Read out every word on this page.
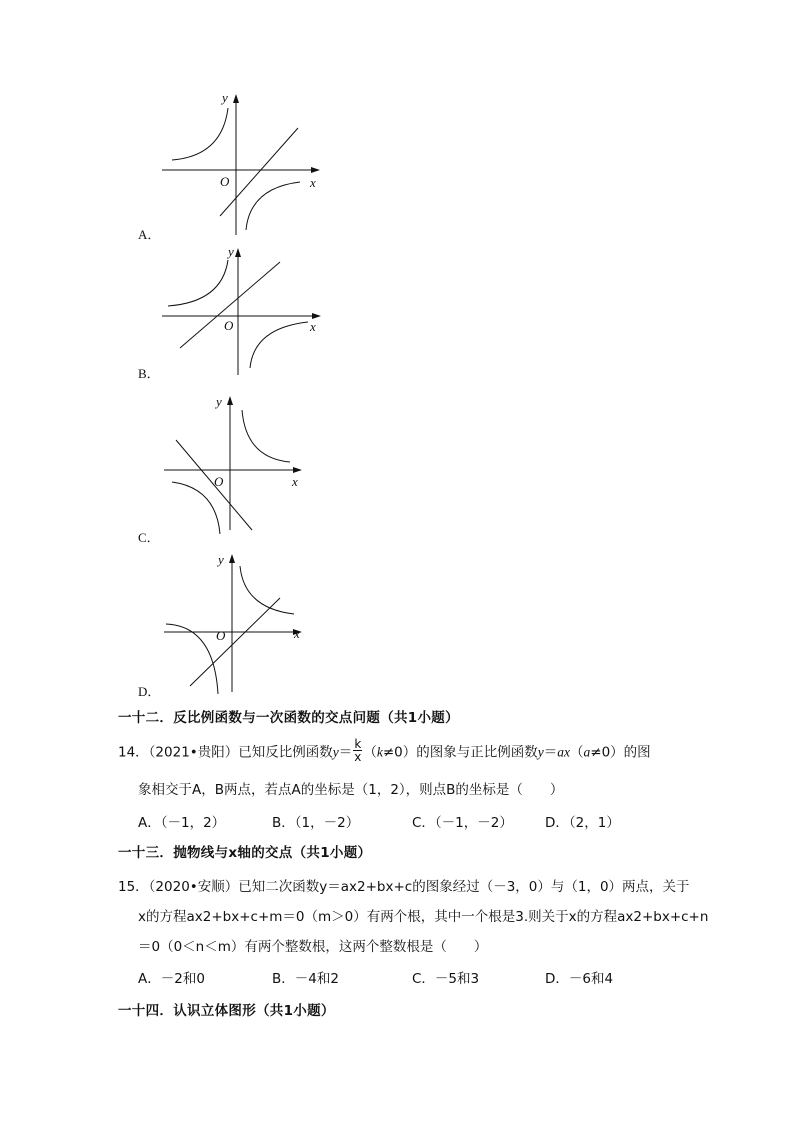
y
x
O
A．
y
x
O
B．
y
x
O
C．
y
x
O
D．
一十二．反比例函数与一次函数的交点问题（共1小题）
14．（2021•贵阳）已知反比例函数$y= \frac{k}{x} (k\ne 0)$的图象与正比例函数y＝ax（a≠0）的图
象相交于A，B两点，若点A的坐标是（1，2），则点B的坐标是（　　）
A．（－1，2）	B．（1，－2）	C．（－1，－2） D．（2，1）
一十三．抛物线与x轴的交点（共1小题）
15．（2020•安顺）已知二次函数y＝ax2+bx+c的图象经过（－3，0）与（1，0）两点，关于
x的方程ax2+bx+c+m＝0（m＞0）有两个根，其中一个根是3.则关于x的方程ax2+bx+c+n
＝0（0＜n＜m）有两个整数根，这两个整数根是（　　）
A．－2和0	B．－4和2	C．－5和3	D．－6和4
一十四．认识立体图形（共1小题）
